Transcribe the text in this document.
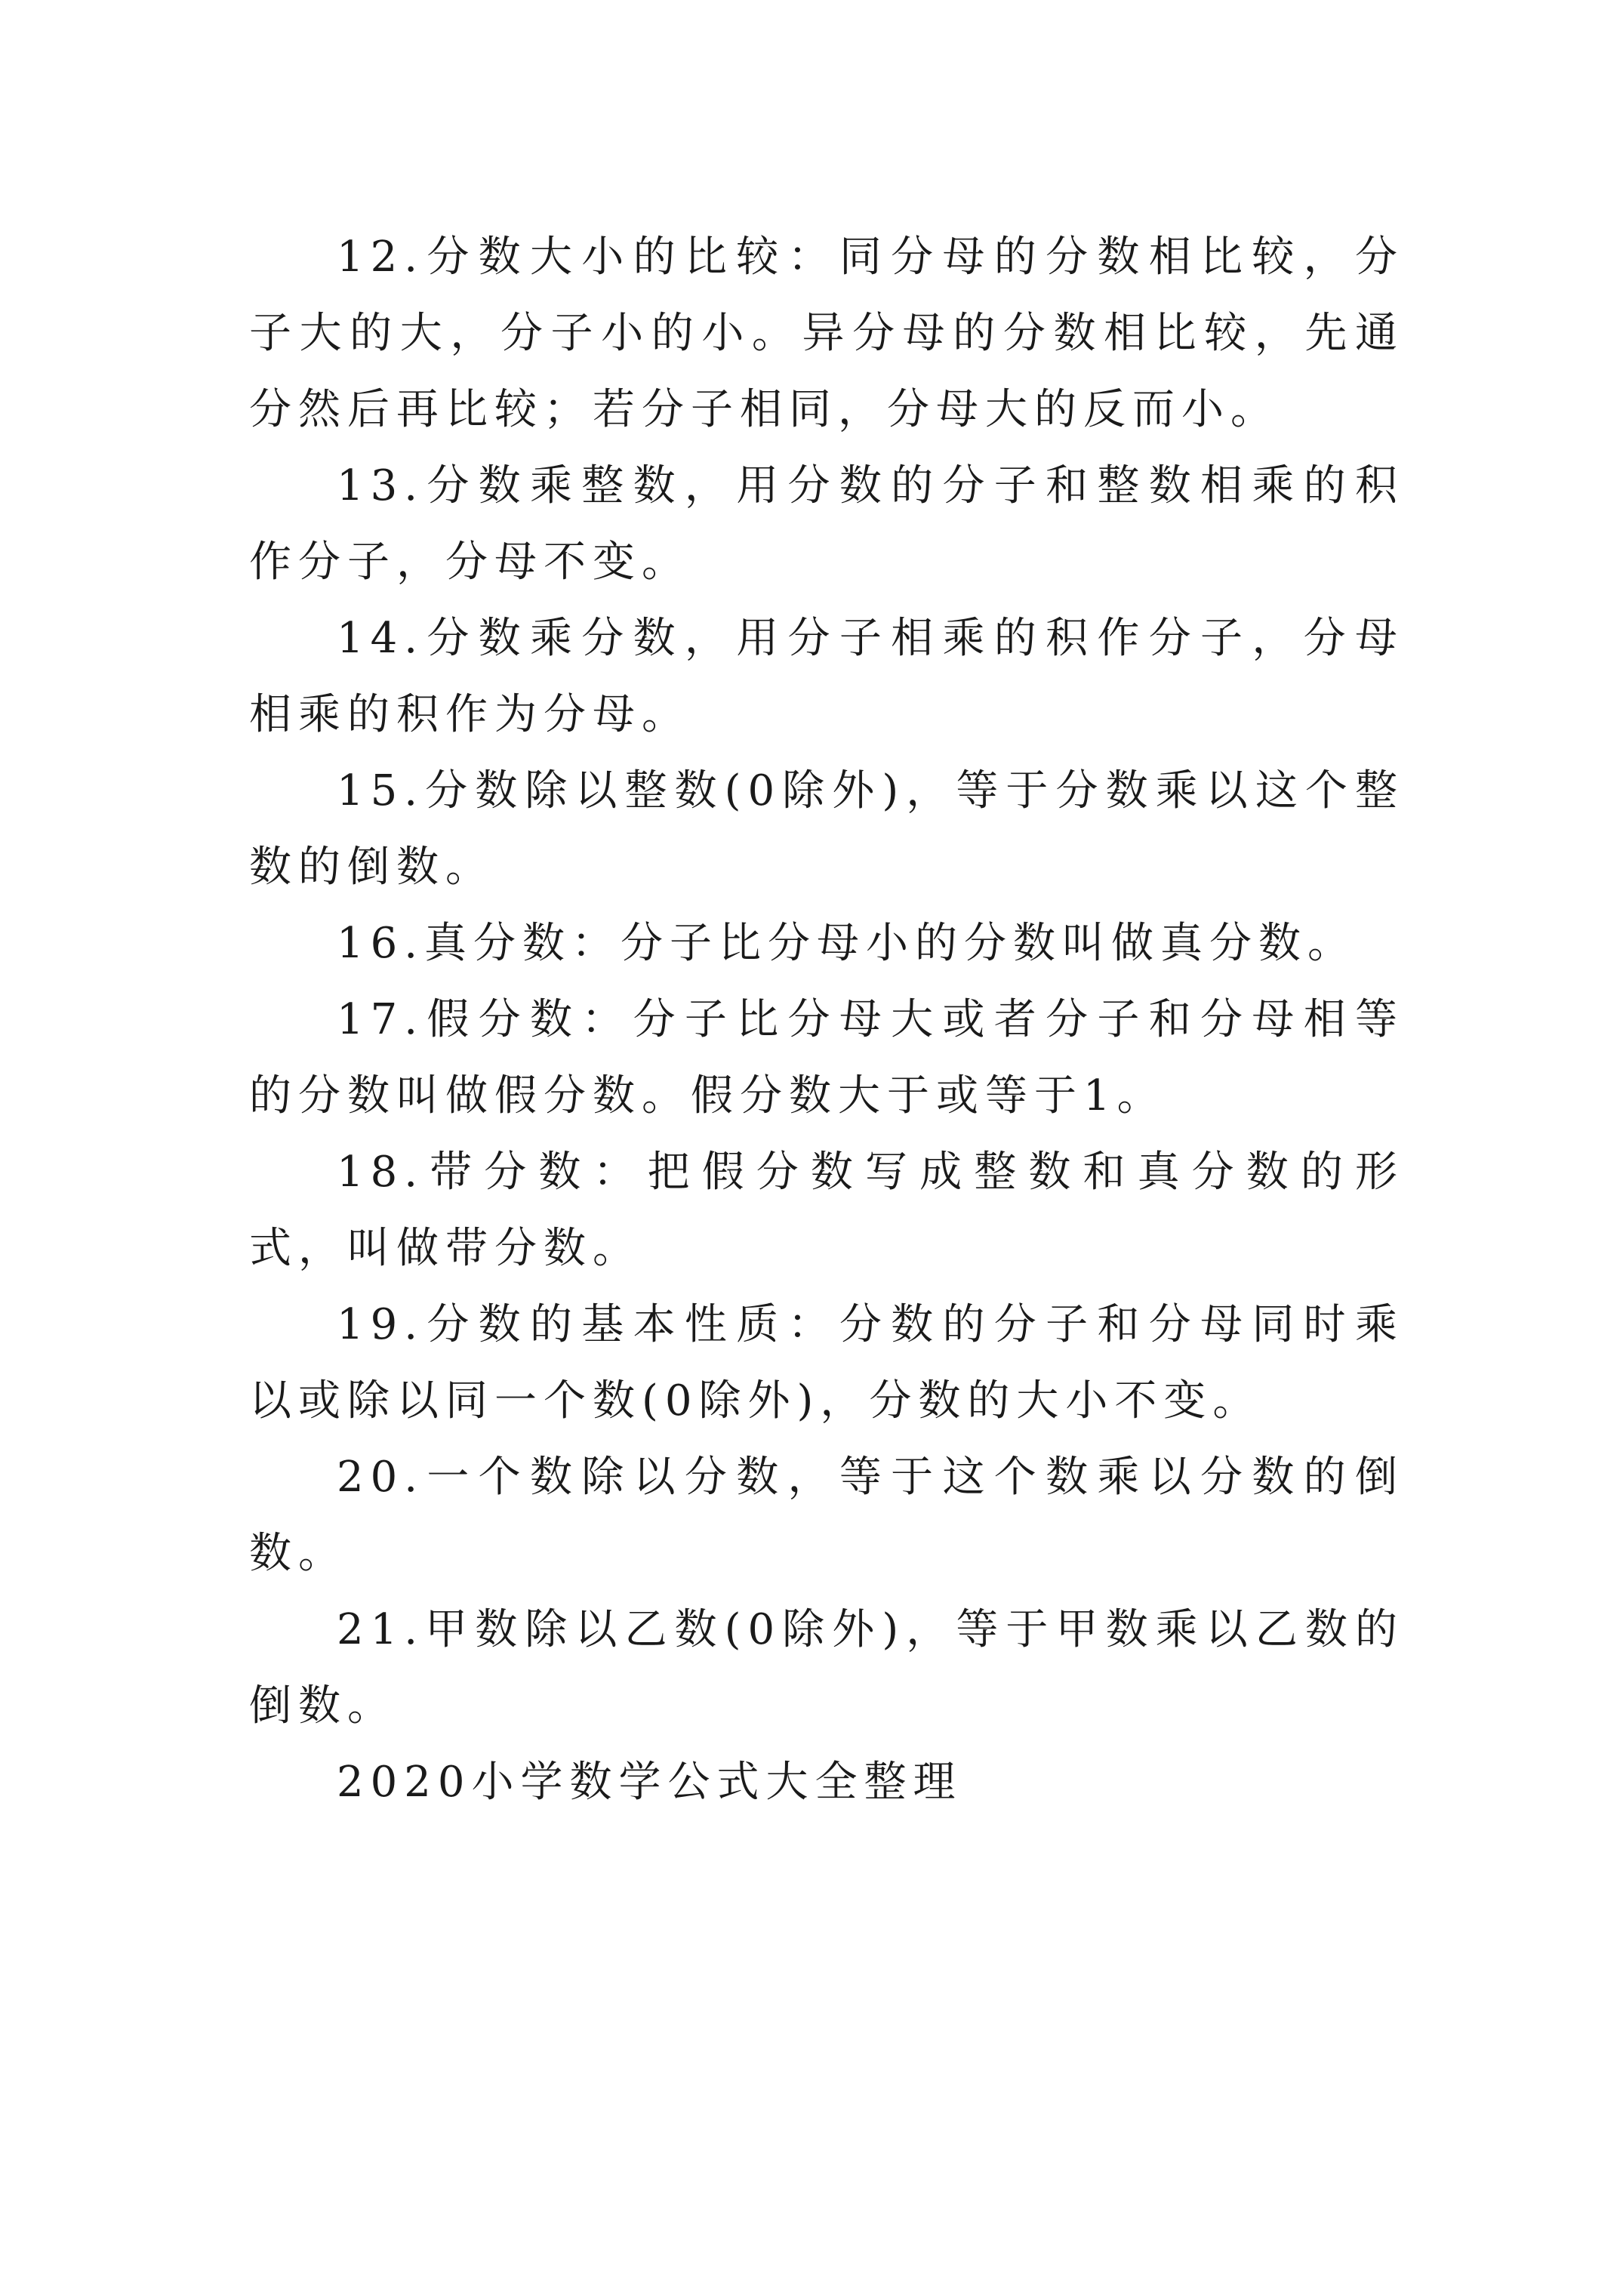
12.分数大小的比较：同分母的分数相比较，分子大的大，分子小的小。异分母的分数相比较，先通分然后再比较；若分子相同，分母大的反而小。

13.分数乘整数，用分数的分子和整数相乘的积作分子，分母不变。

14.分数乘分数，用分子相乘的积作分子，分母相乘的积作为分母。

15.分数除以整数(0除外)，等于分数乘以这个整数的倒数。

16.真分数：分子比分母小的分数叫做真分数。

17.假分数：分子比分母大或者分子和分母相等的分数叫做假分数。假分数大于或等于1。

18.带分数：把假分数写成整数和真分数的形式，叫做带分数。

19.分数的基本性质：分数的分子和分母同时乘以或除以同一个数(0除外)，分数的大小不变。

20.一个数除以分数，等于这个数乘以分数的倒数。

21.甲数除以乙数(0除外)，等于甲数乘以乙数的倒数。

2020小学数学公式大全整理
